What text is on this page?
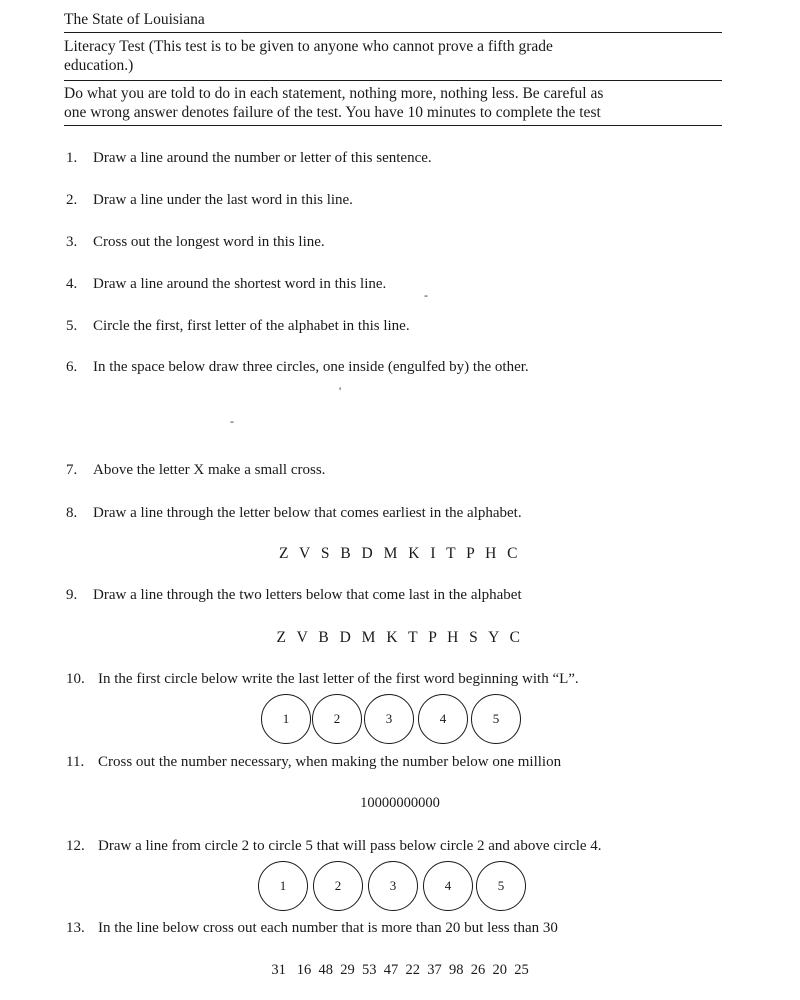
The State of Louisiana
Literacy Test (This test is to be given to anyone who cannot prove a fifth grade
education.)
Do what you are told to do in each statement, nothing more, nothing less. Be careful as
one wrong answer denotes failure of the test. You have 10 minutes to complete the test
1. Draw a line around the number or letter of this sentence.
2. Draw a line under the last word in this line.
3. Cross out the longest word in this line.
4. Draw a line around the shortest word in this line.
5. Circle the first, first letter of the alphabet in this line.
6. In the space below draw three circles, one inside (engulfed by) the other.
'
-
-
7. Above the letter X make a small cross.
8. Draw a line through the letter below that comes earliest in the alphabet.
Z V S B D M K I T P H C
9. Draw a line through the two letters below that come last in the alphabet
Z V B D M K T P H S Y C
10. In the first circle below write the last letter of the first word beginning with “L”.
1	2	3	4	5
11. Cross out the number necessary, when making the number below one million
10000000000
12. Draw a line from circle 2 to circle 5 that will pass below circle 2 and above circle 4.
1	2	3	4	5
13. In the line below cross out each number that is more than 20 but less than 30
31   16  48  29  53  47  22  37  98  26  20  25
